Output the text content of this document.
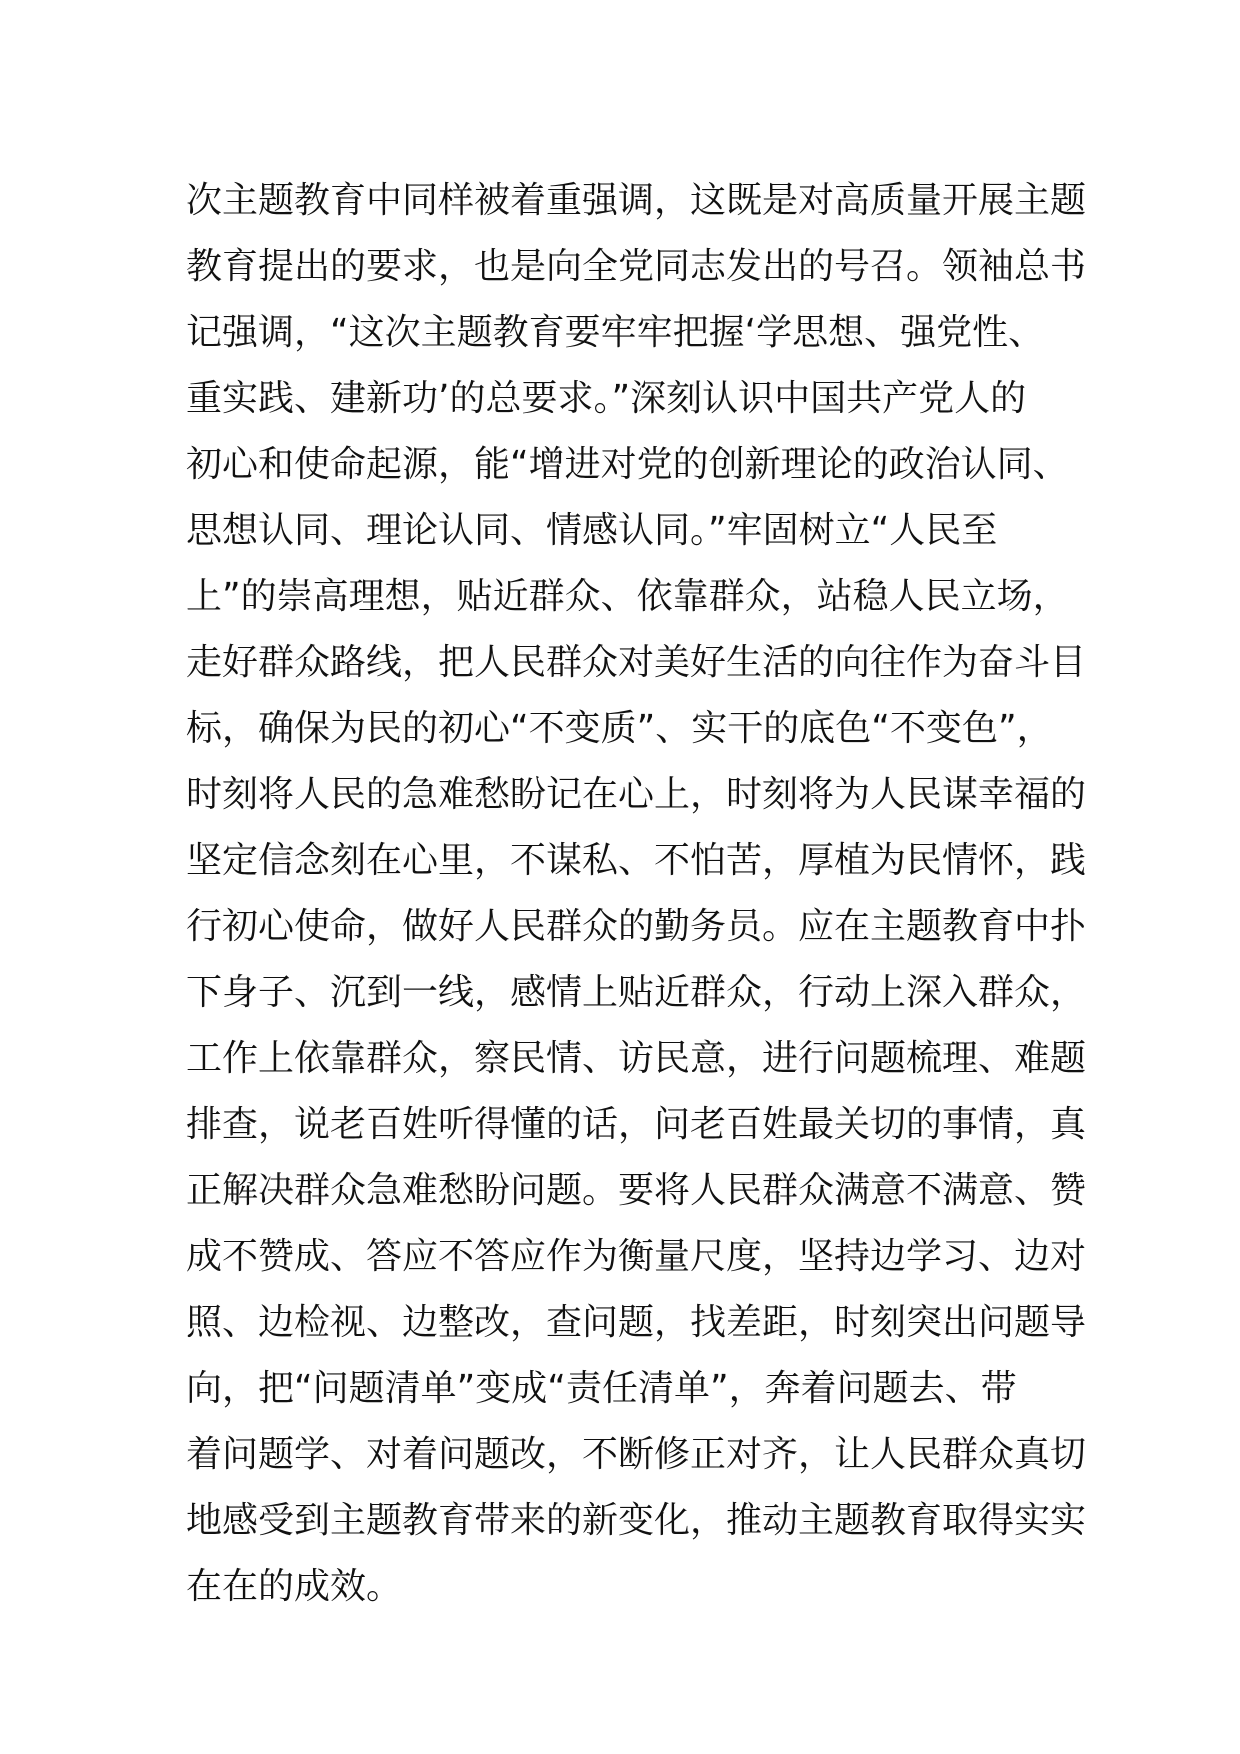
次主题教育中同样被着重强调，这既是对高质量开展主题
教育提出的要求，也是向全党同志发出的号召。领袖总书
记强调，“这次主题教育要牢牢把握‘学思想、强党性、
重实践、建新功’的总要求。”深刻认识中国共产党人的
初心和使命起源，能“增进对党的创新理论的政治认同、
思想认同、理论认同、情感认同。”牢固树立“人民至
上”的崇高理想，贴近群众、依靠群众，站稳人民立场，
走好群众路线，把人民群众对美好生活的向往作为奋斗目
标，确保为民的初心“不变质”、实干的底色“不变色”，
时刻将人民的急难愁盼记在心上，时刻将为人民谋幸福的
坚定信念刻在心里，不谋私、不怕苦，厚植为民情怀，践
行初心使命，做好人民群众的勤务员。应在主题教育中扑
下身子、沉到一线，感情上贴近群众，行动上深入群众，
工作上依靠群众，察民情、访民意，进行问题梳理、难题
排查，说老百姓听得懂的话，问老百姓最关切的事情，真
正解决群众急难愁盼问题。要将人民群众满意不满意、赞
成不赞成、答应不答应作为衡量尺度，坚持边学习、边对
照、边检视、边整改，查问题，找差距，时刻突出问题导
向，把“问题清单”变成“责任清单”，奔着问题去、带
着问题学、对着问题改，不断修正对齐，让人民群众真切
地感受到主题教育带来的新变化，推动主题教育取得实实
在在的成效。
